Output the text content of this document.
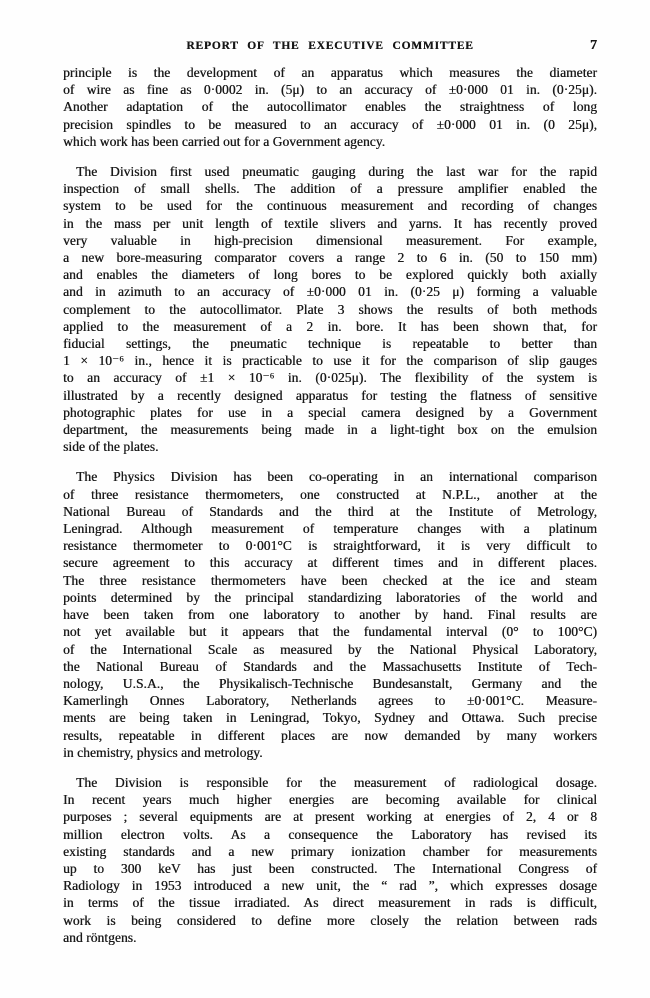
REPORT OF THE EXECUTIVE COMMITTEE	7
principle is the development of an apparatus which measures the diameter
of wire as fine as 0·0002 in. (5μ) to an accuracy of ±0·000 01 in. (0·25μ).
Another adaptation of the autocollimator enables the straightness of long
precision spindles to be measured to an accuracy of ±0·000 01 in. (0 25μ),
which work has been carried out for a Government agency.
The Division first used pneumatic gauging during the last war for the rapid
inspection of small shells. The addition of a pressure amplifier enabled the
system to be used for the continuous measurement and recording of changes
in the mass per unit length of textile slivers and yarns. It has recently proved
very valuable in high-precision dimensional measurement. For example,
a new bore-measuring comparator covers a range 2 to 6 in. (50 to 150 mm)
and enables the diameters of long bores to be explored quickly both axially
and in azimuth to an accuracy of ±0·000 01 in. (0·25 μ) forming a valuable
complement to the autocollimator. Plate 3 shows the results of both methods
applied to the measurement of a 2 in. bore. It has been shown that, for
fiducial settings, the pneumatic technique is repeatable to better than
1 × 10⁻⁶ in., hence it is practicable to use it for the comparison of slip gauges
to an accuracy of ±1 × 10⁻⁶ in. (0·025μ). The flexibility of the system is
illustrated by a recently designed apparatus for testing the flatness of sensitive
photographic plates for use in a special camera designed by a Government
department, the measurements being made in a light-tight box on the emulsion
side of the plates.
The Physics Division has been co-operating in an international comparison
of three resistance thermometers, one constructed at N.P.L., another at the
National Bureau of Standards and the third at the Institute of Metrology,
Leningrad. Although measurement of temperature changes with a platinum
resistance thermometer to 0·001°C is straightforward, it is very difficult to
secure agreement to this accuracy at different times and in different places.
The three resistance thermometers have been checked at the ice and steam
points determined by the principal standardizing laboratories of the world and
have been taken from one laboratory to another by hand. Final results are
not yet available but it appears that the fundamental interval (0° to 100°C)
of the International Scale as measured by the National Physical Laboratory,
the National Bureau of Standards and the Massachusetts Institute of Tech-
nology, U.S.A., the Physikalisch-Technische Bundesanstalt, Germany and the
Kamerlingh Onnes Laboratory, Netherlands agrees to ±0·001°C. Measure-
ments are being taken in Leningrad, Tokyo, Sydney and Ottawa. Such precise
results, repeatable in different places are now demanded by many workers
in chemistry, physics and metrology.
The Division is responsible for the measurement of radiological dosage.
In recent years much higher energies are becoming available for clinical
purposes ; several equipments are at present working at energies of 2, 4 or 8
million electron volts. As a consequence the Laboratory has revised its
existing standards and a new primary ionization chamber for measurements
up to 300 keV has just been constructed. The International Congress of
Radiology in 1953 introduced a new unit, the “ rad ”, which expresses dosage
in terms of the tissue irradiated. As direct measurement in rads is difficult,
work is being considered to define more closely the relation between rads
and röntgens.
